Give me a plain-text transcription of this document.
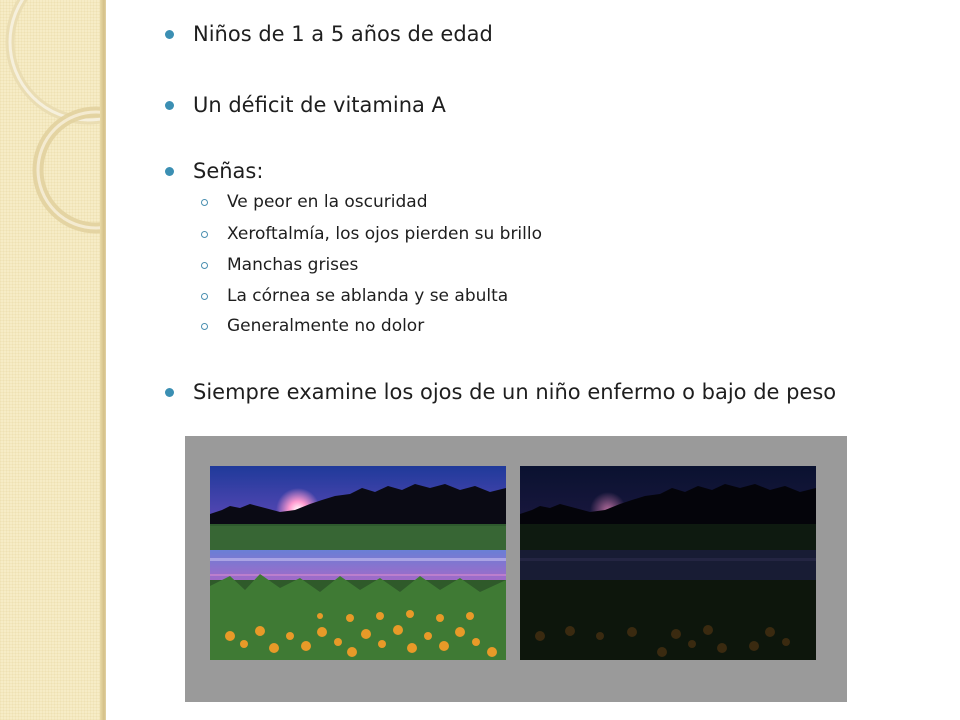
Niños de 1 a 5 años de edad
Un déficit de vitamina A
Señas:
Ve peor en la oscuridad
Xeroftalmía, los ojos pierden su brillo
Manchas grises
La córnea se ablanda y se abulta
Generalmente no dolor
Siempre examine los ojos de un niño enfermo o bajo de peso
